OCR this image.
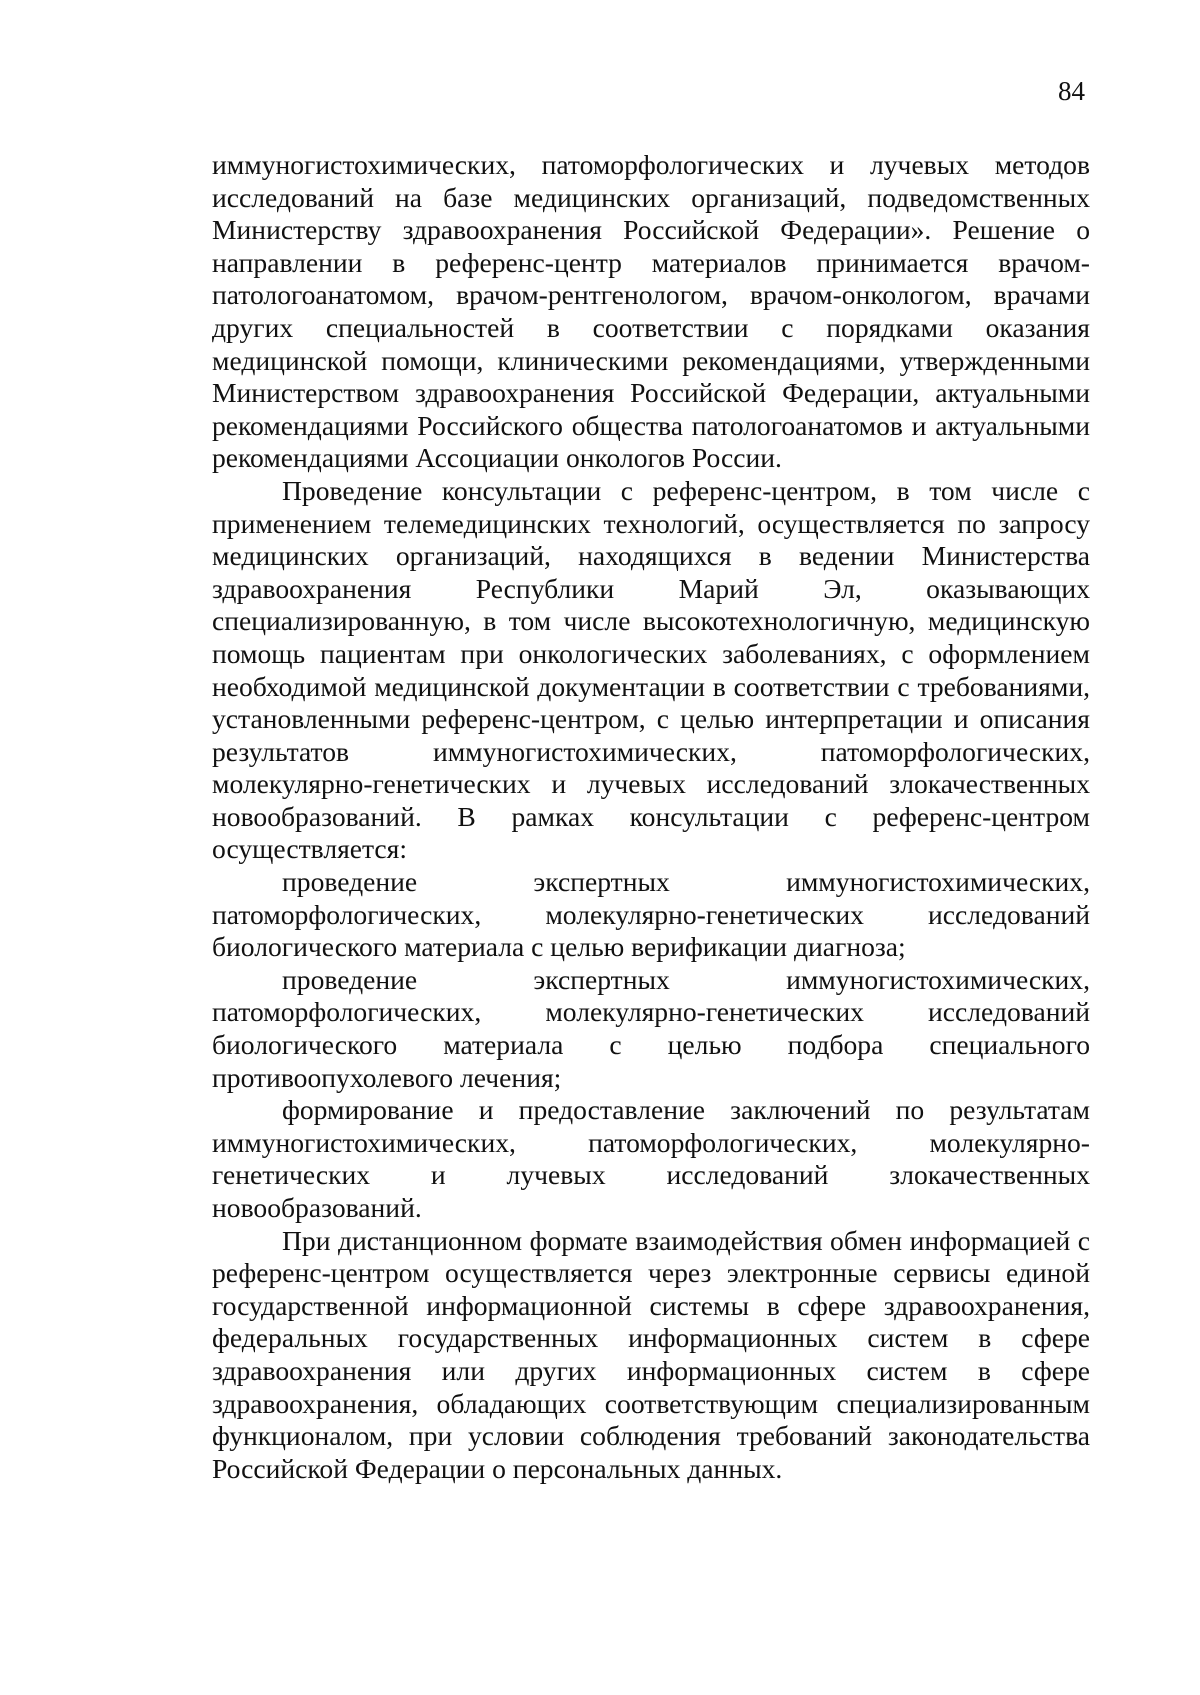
84

иммуногистохимических, патоморфологических и лучевых методов исследований на базе медицинских организаций, подведомственных Министерству здравоохранения Российской Федерации». Решение о направлении в референс-центр материалов принимается врачом-патологоанатомом, врачом-рентгенологом, врачом-онкологом, врачами других специальностей в соответствии с порядками оказания медицинской помощи, клиническими рекомендациями, утвержденными Министерством здравоохранения Российской Федерации, актуальными рекомендациями Российского общества патологоанатомов и актуальными рекомендациями Ассоциации онкологов России.

Проведение консультации с референс-центром, в том числе с применением телемедицинских технологий, осуществляется по запросу медицинских организаций, находящихся в ведении Министерства здравоохранения Республики Марий Эл, оказывающих специализированную, в том числе высокотехнологичную, медицинскую помощь пациентам при онкологических заболеваниях, с оформлением необходимой медицинской документации в соответствии с требованиями, установленными референс-центром, с целью интерпретации и описания результатов иммуногистохимических, патоморфологических, молекулярно-генетических и лучевых исследований злокачественных новообразований. В рамках консультации с референс-центром осуществляется:

проведение экспертных иммуногистохимических, патоморфологических, молекулярно-генетических исследований биологического материала с целью верификации диагноза;

проведение экспертных иммуногистохимических, патоморфологических, молекулярно-генетических исследований биологического материала с целью подбора специального противоопухолевого лечения;

формирование и предоставление заключений по результатам иммуногистохимических, патоморфологических, молекулярно-генетических и лучевых исследований злокачественных новообразований.

При дистанционном формате взаимодействия обмен информацией с референс-центром осуществляется через электронные сервисы единой государственной информационной системы в сфере здравоохранения, федеральных государственных информационных систем в сфере здравоохранения или других информационных систем в сфере здравоохранения, обладающих соответствующим специализированным функционалом, при условии соблюдения требований законодательства Российской Федерации о персональных данных.
